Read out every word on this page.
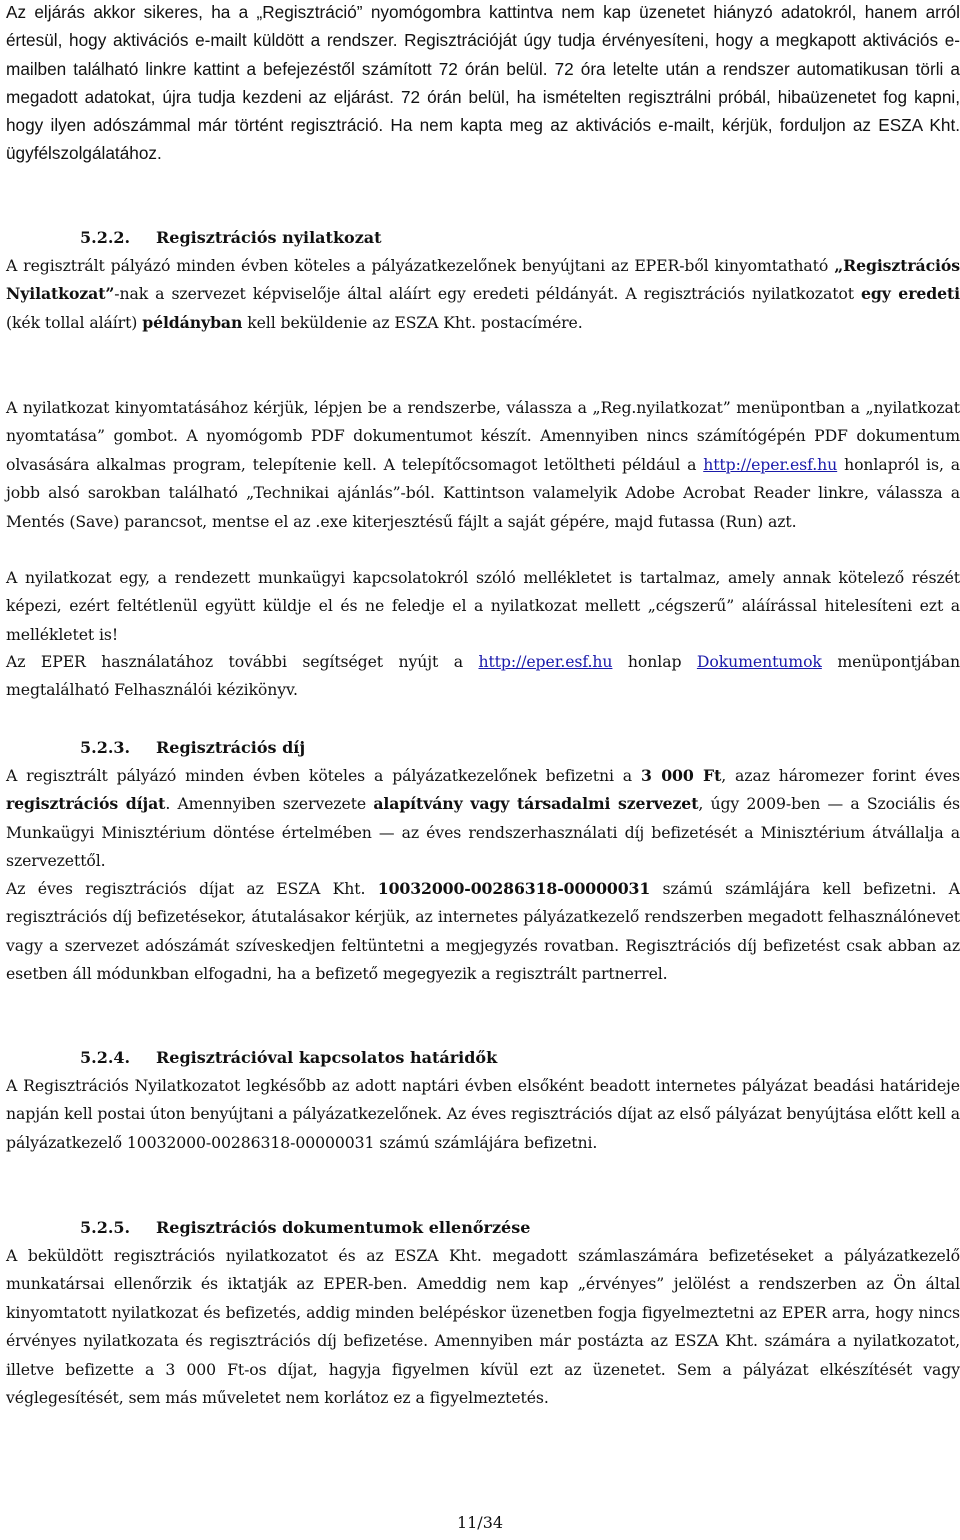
Az eljárás akkor sikeres, ha a „Regisztráció” nyomógombra kattintva nem kap üzenetet hiányzó adatokról, hanem arról értesül, hogy aktivációs e-mailt küldött a rendszer. Regisztrációját úgy tudja érvényesíteni, hogy a megkapott aktivációs e-mailben található linkre kattint a befejezéstől számított 72 órán belül. 72 óra letelte után a rendszer automatikusan törli a megadott adatokat, újra tudja kezdeni az eljárást. 72 órán belül, ha ismételten regisztrálni próbál, hibaüzenetet fog kapni, hogy ilyen adószámmal már történt regisztráció. Ha nem kapta meg az aktivációs e-mailt, kérjük, forduljon az ESZA Kht. ügyfélszolgálatához.

5.2.2. Regisztrációs nyilatkozat

A regisztrált pályázó minden évben köteles a pályázatkezelőnek benyújtani az EPER-ből kinyomtatható „Regisztrációs Nyilatkozat”-nak a szervezet képviselője által aláírt egy eredeti példányát. A regisztrációs nyilatkozatot egy eredeti (kék tollal aláírt) példányban kell beküldenie az ESZA Kht. postacímére.

A nyilatkozat kinyomtatásához kérjük, lépjen be a rendszerbe, válassza a „Reg.nyilatkozat” menüpontban a „nyilatkozat nyomtatása” gombot. A nyomógomb PDF dokumentumot készít. Amennyiben nincs számítógépén PDF dokumentum olvasására alkalmas program, telepítenie kell. A telepítőcsomagot letöltheti például a http://eper.esf.hu honlapról is, a jobb alsó sarokban található „Technikai ajánlás”-ból. Kattintson valamelyik Adobe Acrobat Reader linkre, válassza a Mentés (Save) parancsot, mentse el az .exe kiterjesztésű fájlt a saját gépére, majd futassa (Run) azt.

A nyilatkozat egy, a rendezett munkaügyi kapcsolatokról szóló mellékletet is tartalmaz, amely annak kötelező részét képezi, ezért feltétlenül együtt küldje el és ne feledje el a nyilatkozat mellett „cégszerű” aláírással hitelesíteni ezt a mellékletet is!

Az EPER használatához további segítséget nyújt a http://eper.esf.hu honlap Dokumentumok menüpontjában megtalálható Felhasználói kézikönyv.

5.2.3. Regisztrációs díj

A regisztrált pályázó minden évben köteles a pályázatkezelőnek befizetni a 3 000 Ft, azaz háromezer forint éves regisztrációs díjat. Amennyiben szervezete alapítvány vagy társadalmi szervezet, úgy 2009-ben — a Szociális és Munkaügyi Minisztérium döntése értelmében — az éves rendszerhasználati díj befizetését a Minisztérium átvállalja a szervezettől.

Az éves regisztrációs díjat az ESZA Kht. 10032000-00286318-00000031 számú számlájára kell befizetni. A regisztrációs díj befizetésekor, átutalásakor kérjük, az internetes pályázatkezelő rendszerben megadott felhasználónevet vagy a szervezet adószámát szíveskedjen feltüntetni a megjegyzés rovatban. Regisztrációs díj befizetést csak abban az esetben áll módunkban elfogadni, ha a befizető megegyezik a regisztrált partnerrel.

5.2.4. Regisztrációval kapcsolatos határidők

A Regisztrációs Nyilatkozatot legkésőbb az adott naptári évben elsőként beadott internetes pályázat beadási határideje napján kell postai úton benyújtani a pályázatkezelőnek. Az éves regisztrációs díjat az első pályázat benyújtása előtt kell a pályázatkezelő 10032000-00286318-00000031 számú számlájára befizetni.

5.2.5. Regisztrációs dokumentumok ellenőrzése

A beküldött regisztrációs nyilatkozatot és az ESZA Kht. megadott számlaszámára befizetéseket a pályázatkezelő munkatársai ellenőrzik és iktatják az EPER-ben. Ameddig nem kap „érvényes” jelölést a rendszerben az Ön által kinyomtatott nyilatkozat és befizetés, addig minden belépéskor üzenetben fogja figyelmeztetni az EPER arra, hogy nincs érvényes nyilatkozata és regisztrációs díj befizetése. Amennyiben már postázta az ESZA Kht. számára a nyilatkozatot, illetve befizette a 3 000 Ft-os díjat, hagyja figyelmen kívül ezt az üzenetet. Sem a pályázat elkészítését vagy véglegesítését, sem más műveletet nem korlátoz ez a figyelmeztetés.

11/34
